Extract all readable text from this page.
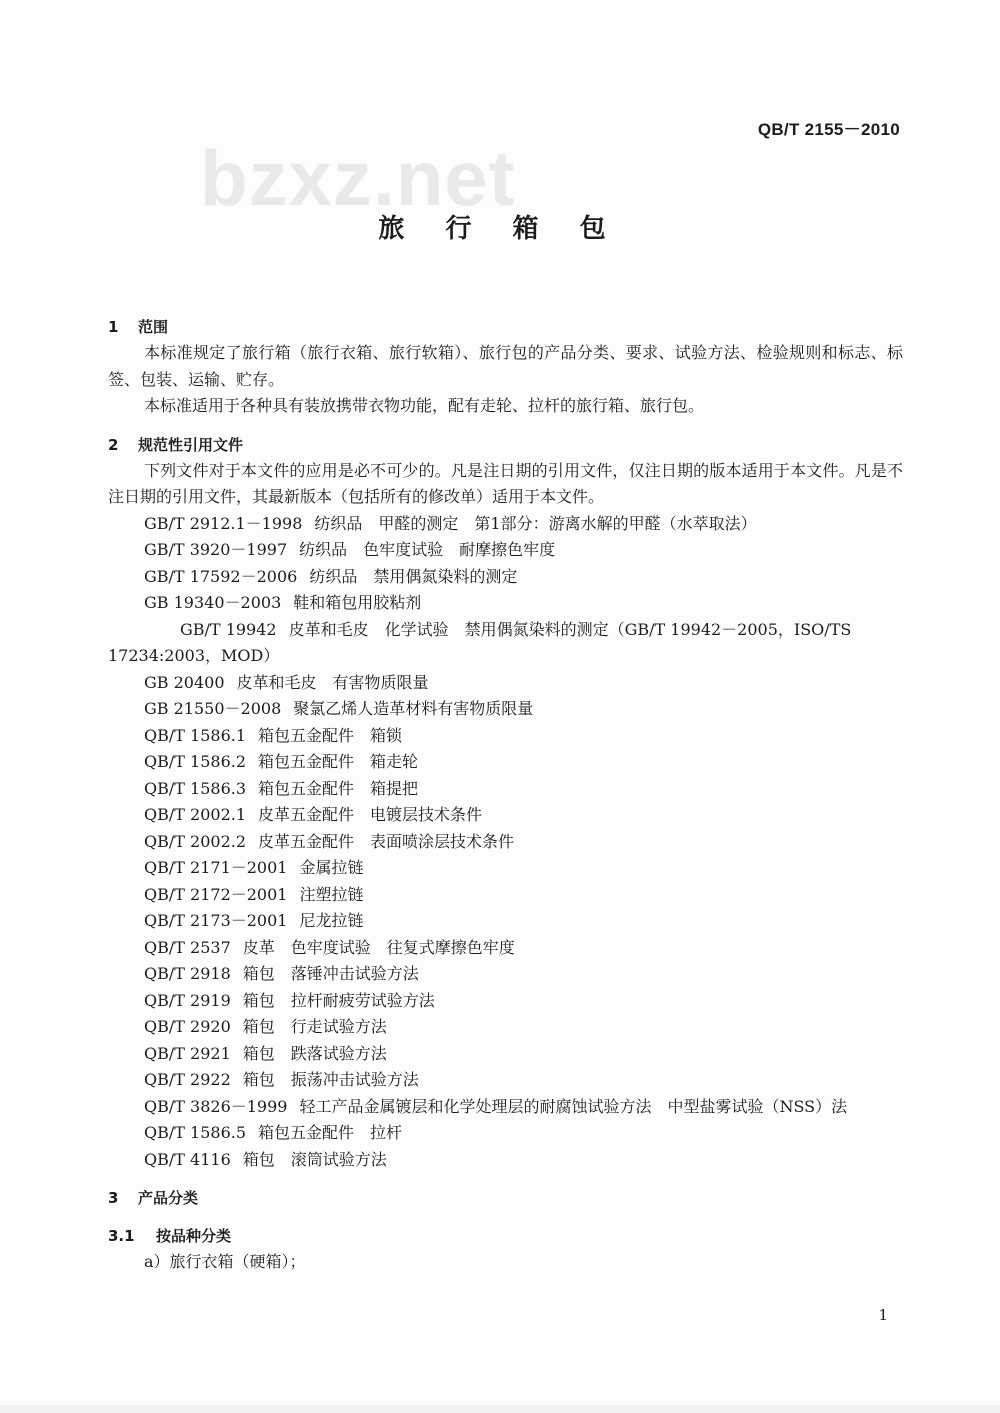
bzxz.net
QB/T 2155－2010
旅 行 箱 包
1 范围
本标准规定了旅行箱（旅行衣箱、旅行软箱）、旅行包的产品分类、要求、试验方法、检验规则和标志、标签、包装、运输、贮存。
本标准适用于各种具有装放携带衣物功能，配有走轮、拉杆的旅行箱、旅行包。
2 规范性引用文件
下列文件对于本文件的应用是必不可少的。凡是注日期的引用文件，仅注日期的版本适用于本文件。凡是不注日期的引用文件，其最新版本（包括所有的修改单）适用于本文件。
GB/T 2912.1－1998 纺织品　甲醛的测定　第1部分：游离水解的甲醛（水萃取法）
GB/T 3920－1997 纺织品　色牢度试验　耐摩擦色牢度
GB/T 17592－2006 纺织品　禁用偶氮染料的测定
GB 19340－2003 鞋和箱包用胶粘剂
GB/T 19942 皮革和毛皮　化学试验　禁用偶氮染料的测定（GB/T 19942－2005，ISO/TS 17234:2003，MOD）
GB 20400 皮革和毛皮　有害物质限量
GB 21550－2008 聚氯乙烯人造革材料有害物质限量
QB/T 1586.1 箱包五金配件　箱锁
QB/T 1586.2 箱包五金配件　箱走轮
QB/T 1586.3 箱包五金配件　箱提把
QB/T 2002.1 皮革五金配件　电镀层技术条件
QB/T 2002.2 皮革五金配件　表面喷涂层技术条件
QB/T 2171－2001 金属拉链
QB/T 2172－2001 注塑拉链
QB/T 2173－2001 尼龙拉链
QB/T 2537 皮革　色牢度试验　往复式摩擦色牢度
QB/T 2918 箱包　落锤冲击试验方法
QB/T 2919 箱包　拉杆耐疲劳试验方法
QB/T 2920 箱包　行走试验方法
QB/T 2921 箱包　跌落试验方法
QB/T 2922 箱包　振荡冲击试验方法
QB/T 3826－1999 轻工产品金属镀层和化学处理层的耐腐蚀试验方法　中型盐雾试验（NSS）法
QB/T 1586.5 箱包五金配件　拉杆
QB/T 4116 箱包　滚筒试验方法
3 产品分类
3.1 按品种分类
a）旅行衣箱（硬箱）；
1
